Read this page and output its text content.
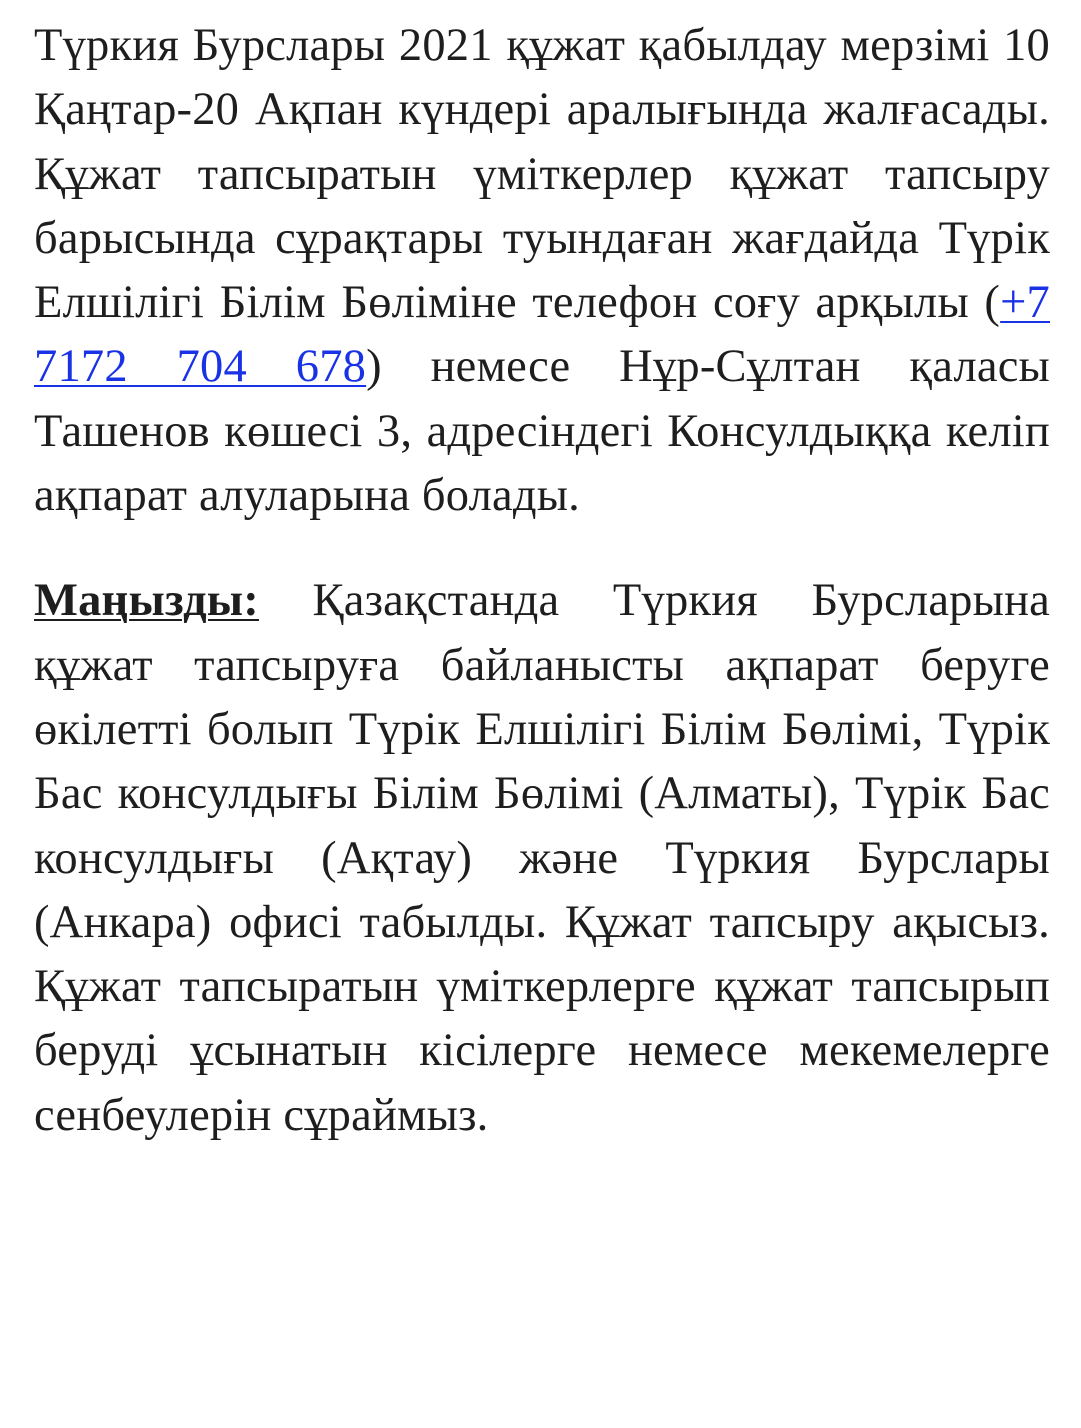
Түркия Бурслары 2021 құжат қабылдау мерзімі 10 Қаңтар-20 Ақпан күндері аралығында жалғасады. Құжат тапсыратын үміткерлер құжат тапсыру барысында сұрақтары туындаған жағдайда Түрік Елшілігі Білім Бөліміне телефон соғу арқылы (+7 7172 704 678) немесе Нұр-Сұлтан қаласы Ташенов көшесі 3, адресіндегі Консулдыққа келіп ақпарат алуларына болады.

Маңызды: Қазақстанда Түркия Бурсларына құжат тапсыруға байланысты ақпарат беруге өкілетті болып Түрік Елшілігі Білім Бөлімі, Түрік Бас консулдығы Білім Бөлімі (Алматы), Түрік Бас консулдығы (Ақтау) және Түркия Бурслары (Анкара) офисі табылды. Құжат тапсыру ақысыз. Құжат тапсыратын үміткерлерге құжат тапсырып беруді ұсынатын кісілерге немесе мекемелерге сенбеулерін сұраймыз.
